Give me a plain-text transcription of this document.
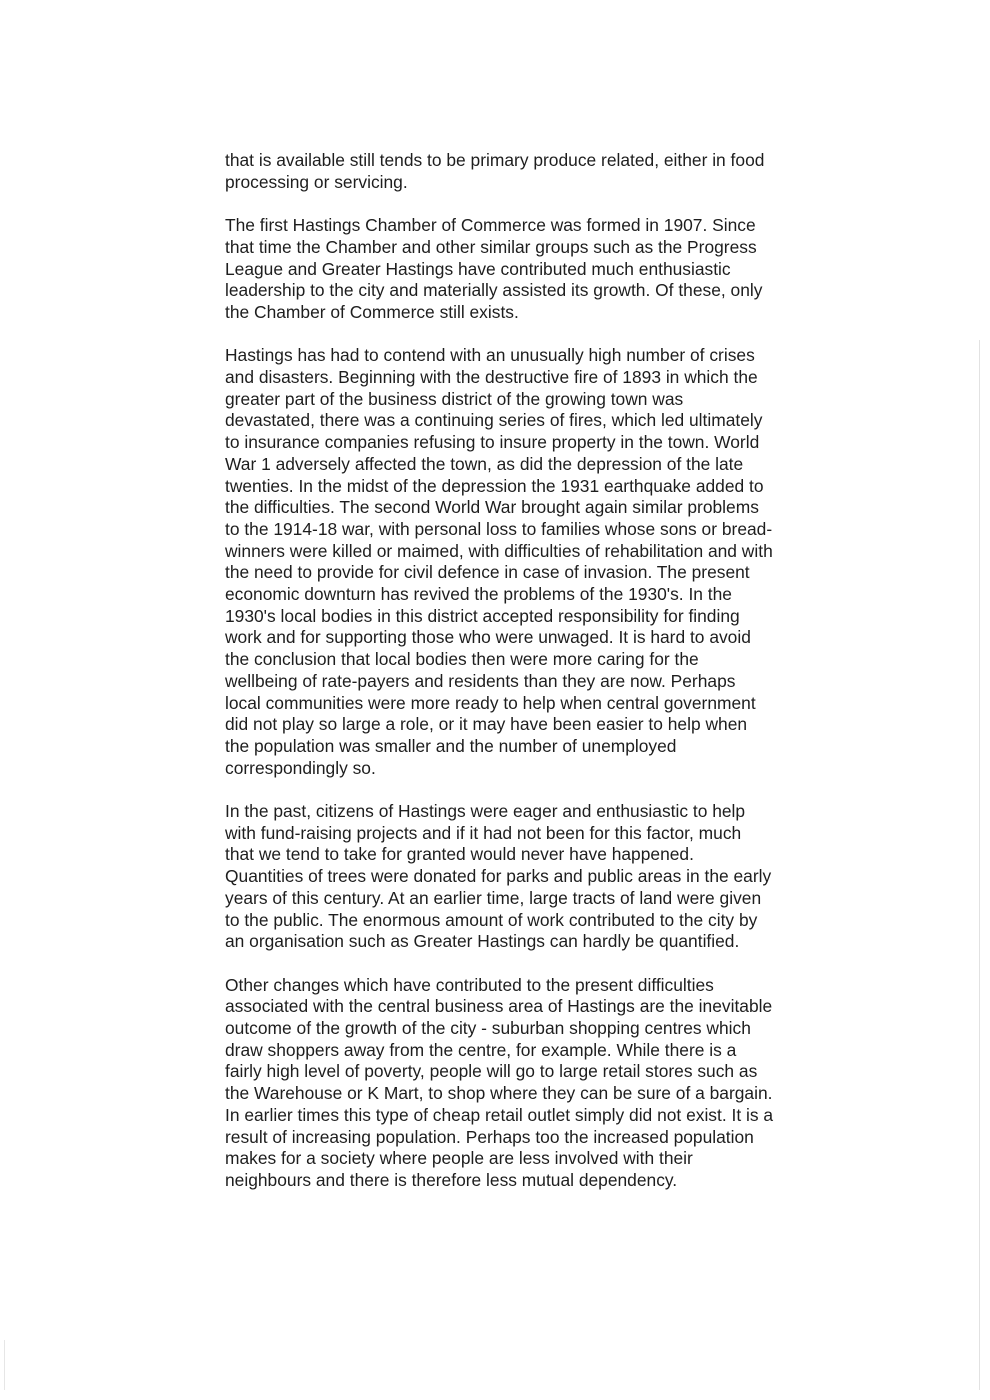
that is available still tends to be primary produce related, either in food
processing or servicing.

The first Hastings Chamber of Commerce was formed in 1907. Since
that time the Chamber and other similar groups such as the Progress
League and Greater Hastings have contributed much enthusiastic
leadership to the city and materially assisted its growth. Of these, only
the Chamber of Commerce still exists.

Hastings has had to contend with an unusually high number of crises
and disasters. Beginning with the destructive fire of 1893 in which the
greater part of the business district of the growing town was
devastated, there was a continuing series of fires, which led ultimately
to insurance companies refusing to insure property in the town. World
War 1 adversely affected the town, as did the depression of the late
twenties. In the midst of the depression the 1931 earthquake added to
the difficulties. The second World War brought again similar problems
to the 1914-18 war, with personal loss to families whose sons or bread-
winners were killed or maimed, with difficulties of rehabilitation and with
the need to provide for civil defence in case of invasion. The present
economic downturn has revived the problems of the 1930's. In the
1930's local bodies in this district accepted responsibility for finding
work and for supporting those who were unwaged. It is hard to avoid
the conclusion that local bodies then were more caring for the
wellbeing of rate-payers and residents than they are now. Perhaps
local communities were more ready to help when central government
did not play so large a role, or it may have been easier to help when
the population was smaller and the number of unemployed
correspondingly so.

In the past, citizens of Hastings were eager and enthusiastic to help
with fund-raising projects and if it had not been for this factor, much
that we tend to take for granted would never have happened.
Quantities of trees were donated for parks and public areas in the early
years of this century. At an earlier time, large tracts of land were given
to the public. The enormous amount of work contributed to the city by
an organisation such as Greater Hastings can hardly be quantified.

Other changes which have contributed to the present difficulties
associated with the central business area of Hastings are the inevitable
outcome of the growth of the city - suburban shopping centres which
draw shoppers away from the centre, for example. While there is a
fairly high level of poverty, people will go to large retail stores such as
the Warehouse or K Mart, to shop where they can be sure of a bargain.
In earlier times this type of cheap retail outlet simply did not exist. It is a
result of increasing population. Perhaps too the increased population
makes for a society where people are less involved with their
neighbours and there is therefore less mutual dependency.
